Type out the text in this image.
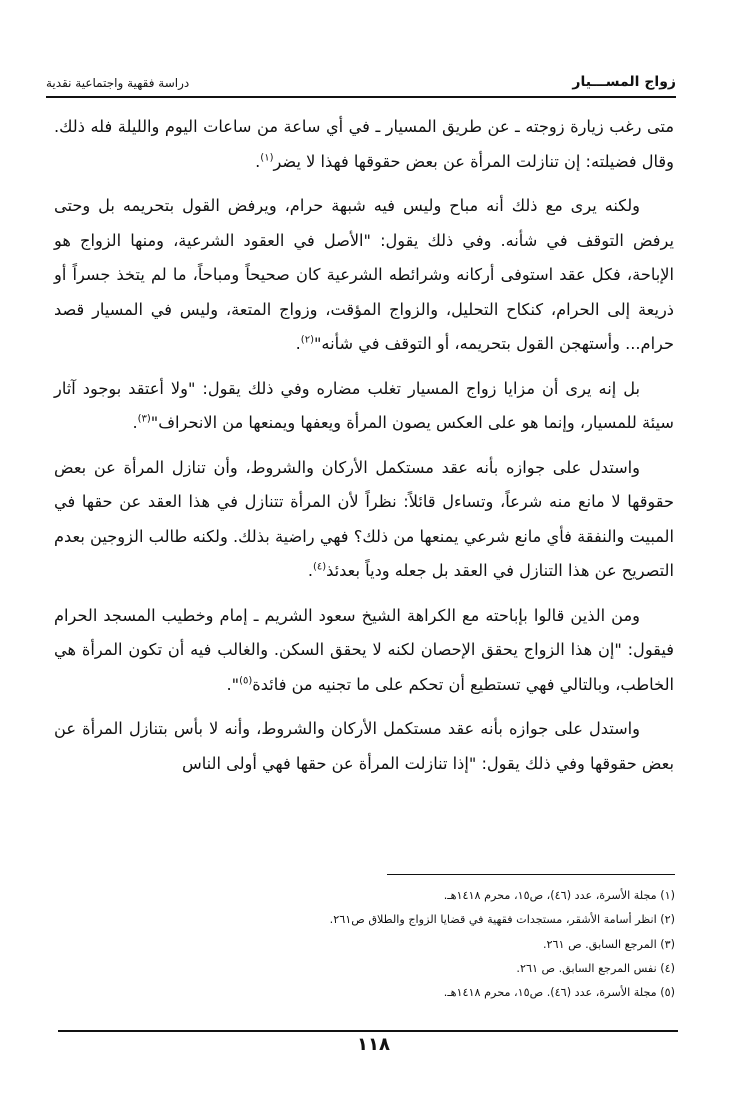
زواج المســـيار
دراسة فقهية واجتماعية نقدية

متى رغب زيارة زوجته ـ عن طريق المسيار ـ في أي ساعة من ساعات اليوم والليلة فله ذلك. وقال فضيلته: إن تنازلت المرأة عن بعض حقوقها فهذا لا يضر$^{(١)}$.

ولكنه يرى مع ذلك أنه مباح وليس فيه شبهة حرام، ويرفض القول بتحريمه بل وحتى يرفض التوقف في شأنه. وفي ذلك يقول: "الأصل في العقود الشرعية، ومنها الزواج هو الإباحة، فكل عقد استوفى أركانه وشرائطه الشرعية كان صحيحاً ومباحاً، ما لم يتخذ جسراً أو ذريعة إلى الحرام، كنكاح التحليل، والزواج المؤقت، وزواج المتعة، وليس في المسيار قصد حرام... وأستهجن القول بتحريمه، أو التوقف في شأنه"$^{(٢)}$.

بل إنه يرى أن مزايا زواج المسيار تغلب مضاره وفي ذلك يقول: "ولا أعتقد بوجود آثار سيئة للمسيار، وإنما هو على العكس يصون المرأة ويعفها ويمنعها من الانحراف"$^{(٣)}$.

واستدل على جوازه بأنه عقد مستكمل الأركان والشروط، وأن تنازل المرأة عن بعض حقوقها لا مانع منه شرعاً، وتساءل قائلاً: نظراً لأن المرأة تتنازل في هذا العقد عن حقها في المبيت والنفقة فأي مانع شرعي يمنعها من ذلك؟ فهي راضية بذلك. ولكنه طالب الزوجين بعدم التصريح عن هذا التنازل في العقد بل جعله ودياً بعدئذ$^{(٤)}$.

ومن الذين قالوا بإباحته مع الكراهة الشيخ سعود الشريم ـ إمام وخطيب المسجد الحرام فيقول: "إن هذا الزواج يحقق الإحصان لكنه لا يحقق السكن. والغالب فيه أن تكون المرأة هي الخاطب، وبالتالي فهي تستطيع أن تحكم على ما تجنيه من فائدة$^{(٥)}$".

واستدل على جوازه بأنه عقد مستكمل الأركان والشروط، وأنه لا بأس بتنازل المرأة عن بعض حقوقها وفي ذلك يقول: "إذا تنازلت المرأة عن حقها فهي أولى الناس

(١) مجلة الأسرة، عدد (٤٦)، ص١٥، محرم ١٤١٨هـ.
(٢) انظر أسامة الأشقر، مستجدات فقهية في قضايا الزواج والطلاق ص٢٦١.
(٣) المرجع السابق. ص ٢٦١.
(٤) نفس المرجع السابق. ص ٢٦١.
(٥) مجلة الأسرة، عدد (٤٦). ص١٥، محرم ١٤١٨هـ.
١١٨
